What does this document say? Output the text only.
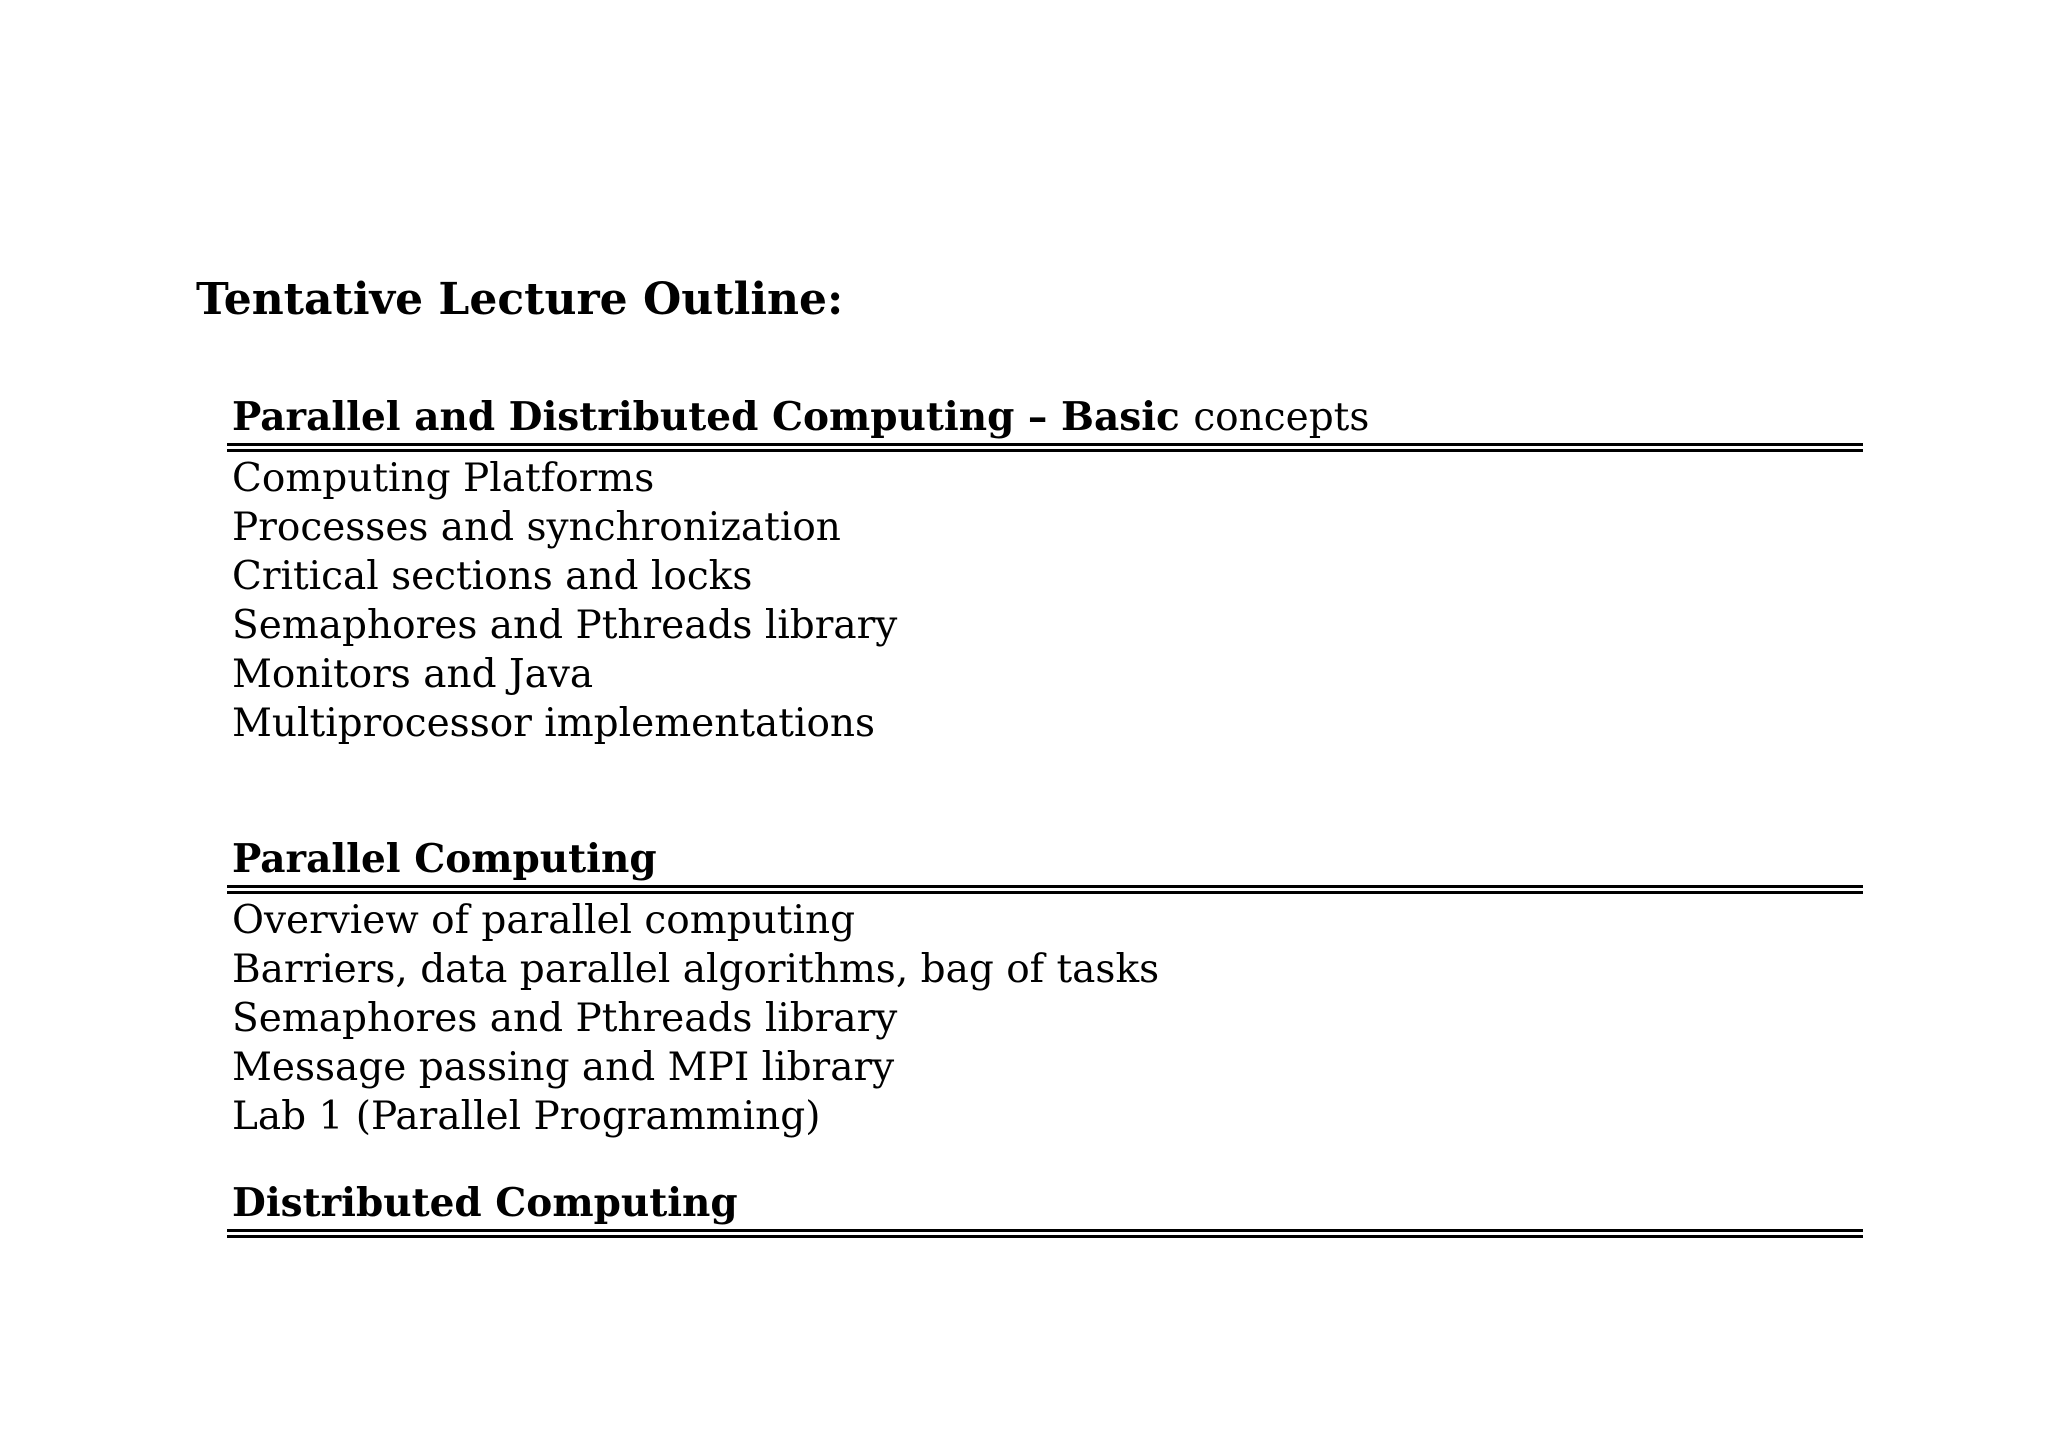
Tentative Lecture Outline:
Parallel and Distributed Computing – Basic concepts
Computing Platforms
Processes and synchronization
Critical sections and locks
Semaphores and Pthreads library
Monitors and Java
Multiprocessor implementations
Parallel Computing
Overview of parallel computing
Barriers, data parallel algorithms, bag of tasks
Semaphores and Pthreads library
Message passing and MPI library
Lab 1 (Parallel Programming)
Distributed Computing
